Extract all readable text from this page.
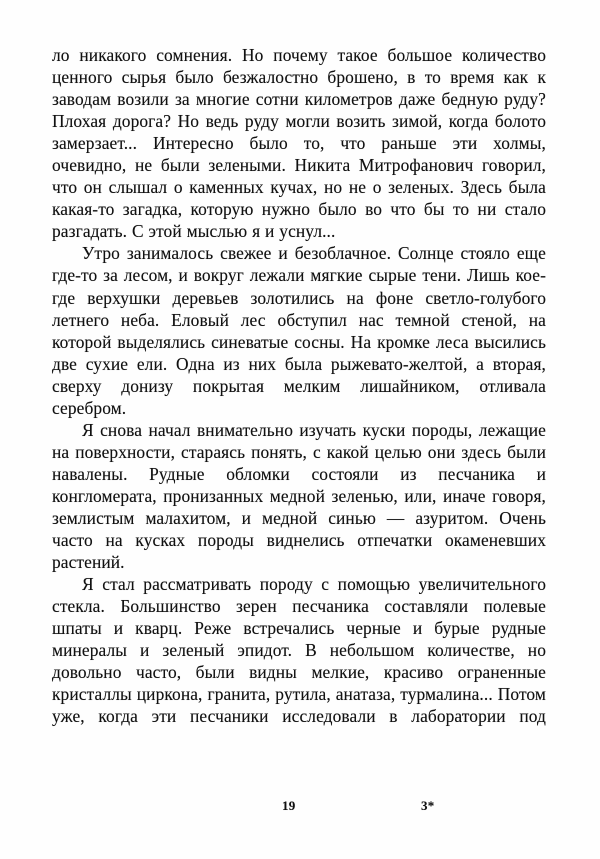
ло никакого сомнения. Но почему такое большое количество ценного сырья было безжалостно брошено, в то время как к заводам возили за многие сотни километров даже бедную руду? Плохая дорога? Но ведь руду могли возить зимой, когда болото замерзает... Интересно было то, что раньше эти холмы, очевидно, не были зелеными. Никита Митрофанович говорил, что он слышал о каменных кучах, но не о зеленых. Здесь была какая-то загадка, которую нужно было во что бы то ни стало разгадать. С этой мыслью я и уснул...

Утро занималось свежее и безоблачное. Солнце стояло еще где-то за лесом, и вокруг лежали мягкие сырые тени. Лишь кое-где верхушки деревьев золотились на фоне светло-голубого летнего неба. Еловый лес обступил нас темной стеной, на которой выделялись синеватые сосны. На кромке леса высились две сухие ели. Одна из них была рыжевато-желтой, а вторая, сверху донизу покрытая мелким лишайником, отливала серебром.

Я снова начал внимательно изучать куски породы, лежащие на поверхности, стараясь понять, с какой целью они здесь были навалены. Рудные обломки состояли из песчаника и конгломерата, пронизанных медной зеленью, или, иначе говоря, землистым малахитом, и медной синью — азуритом. Очень часто на кусках породы виднелись отпечатки окаменевших растений.

Я стал рассматривать породу с помощью увеличительного стекла. Большинство зерен песчаника составляли полевые шпаты и кварц. Реже встречались черные и бурые рудные минералы и зеленый эпидот. В небольшом количестве, но довольно часто, были видны мелкие, красиво ограненные кристаллы циркона, гранита, рутила, анатаза, турмалина... Потом уже, когда эти песчаники исследовали в лаборатории под

19	3*
